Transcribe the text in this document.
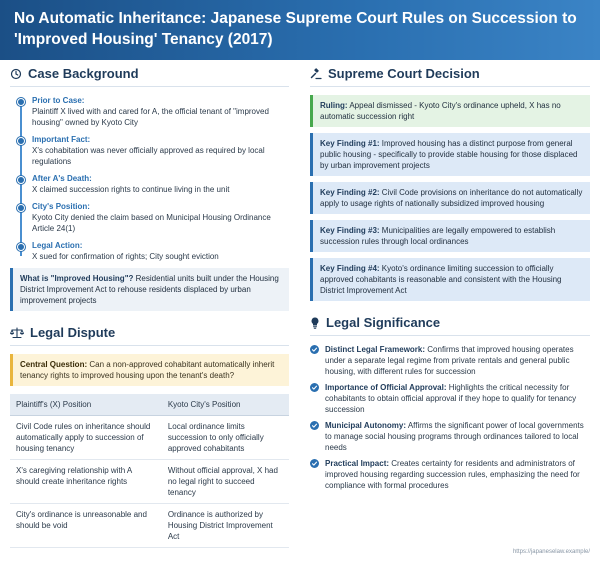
No Automatic Inheritance: Japanese Supreme Court Rules on Succession to 'Improved Housing' Tenancy (2017)
Case Background
Prior to Case:
Plaintiff X lived with and cared for A, the official tenant of "improved housing" owned by Kyoto City
Important Fact:
X's cohabitation was never officially approved as required by local regulations
After A's Death:
X claimed succession rights to continue living in the unit
City's Position:
Kyoto City denied the claim based on Municipal Housing Ordinance Article 24(1)
Legal Action:
X sued for confirmation of rights; City sought eviction
What is "Improved Housing"? Residential units built under the Housing District Improvement Act to rehouse residents displaced by urban improvement projects
Legal Dispute
Central Question: Can a non-approved cohabitant automatically inherit tenancy rights to improved housing upon the tenant's death?
Plaintiff's (X) Position	Kyoto City's Position
Civil Code rules on inheritance should automatically apply to succession of housing tenancy	Local ordinance limits succession to only officially approved cohabitants
X's caregiving relationship with A should create inheritance rights	Without official approval, X had no legal right to succeed tenancy
City's ordinance is unreasonable and should be void	Ordinance is authorized by Housing District Improvement Act
Supreme Court Decision
Ruling: Appeal dismissed - Kyoto City's ordinance upheld, X has no automatic succession right
Key Finding #1: Improved housing has a distinct purpose from general public housing - specifically to provide stable housing for those displaced by urban improvement projects
Key Finding #2: Civil Code provisions on inheritance do not automatically apply to usage rights of nationally subsidized improved housing
Key Finding #3: Municipalities are legally empowered to establish succession rules through local ordinances
Key Finding #4: Kyoto's ordinance limiting succession to officially approved cohabitants is reasonable and consistent with the Housing District Improvement Act
Legal Significance
Distinct Legal Framework: Confirms that improved housing operates under a separate legal regime from private rentals and general public housing, with different rules for succession
Importance of Official Approval: Highlights the critical necessity for cohabitants to obtain official approval if they hope to qualify for tenancy succession
Municipal Autonomy: Affirms the significant power of local governments to manage social housing programs through ordinances tailored to local needs
Practical Impact: Creates certainty for residents and administrators of improved housing regarding succession rules, emphasizing the need for compliance with formal procedures
https://japaneselaw.example/
